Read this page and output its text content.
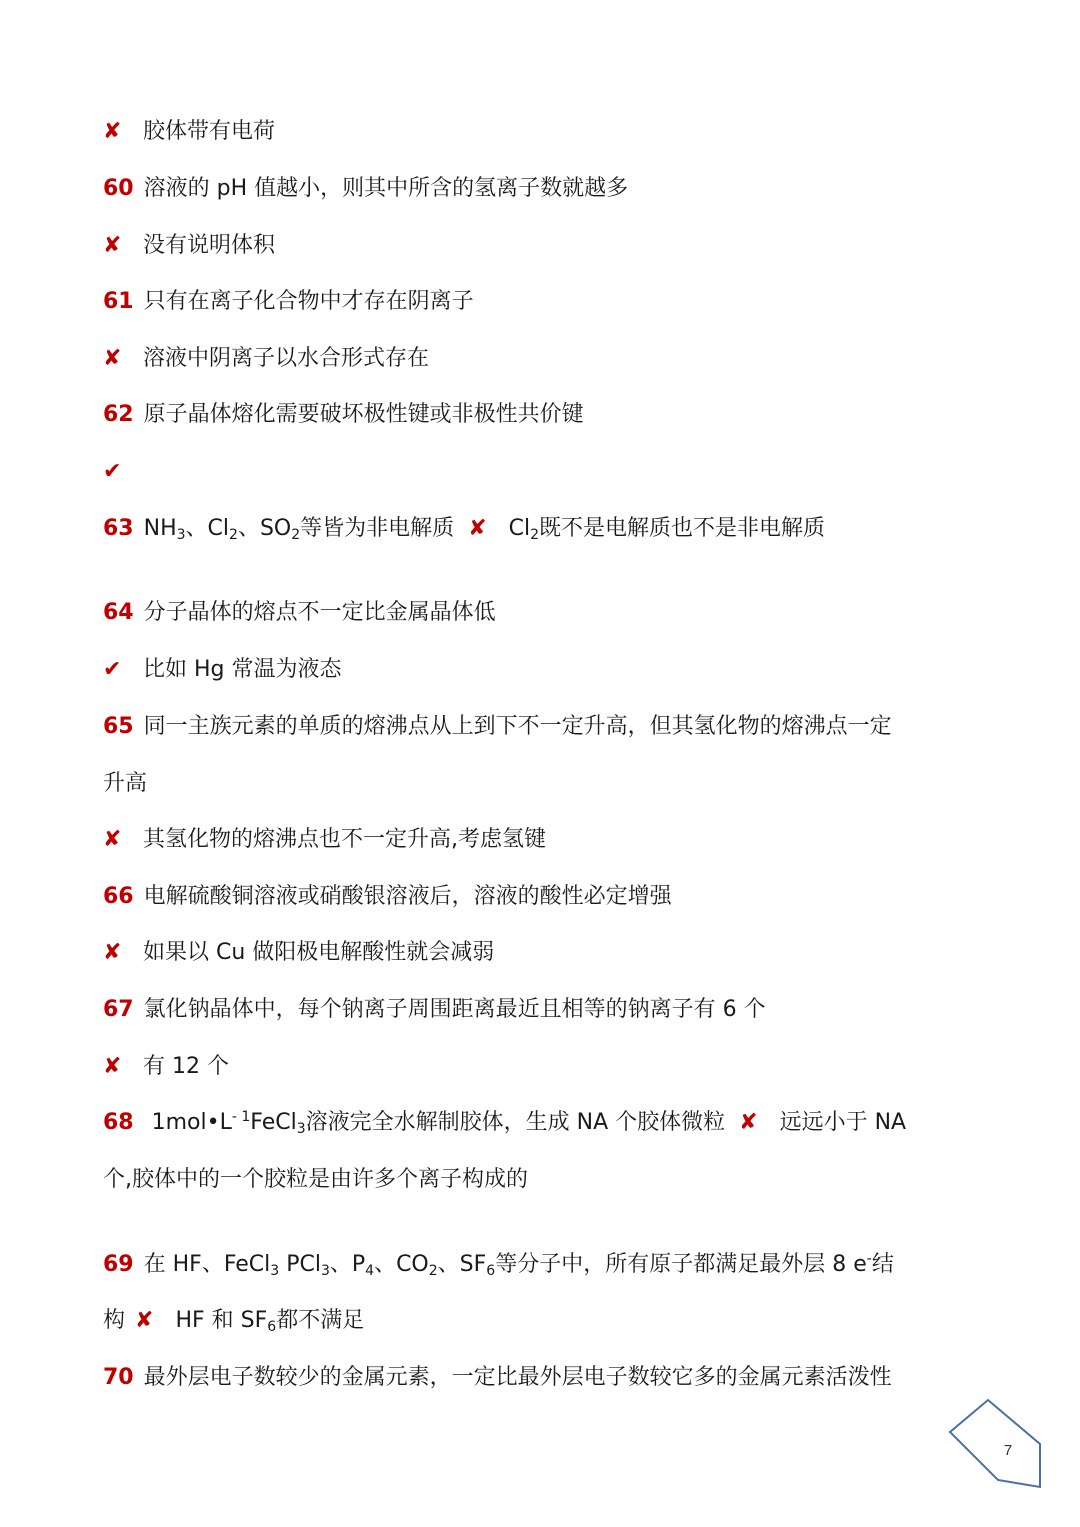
✘ 胶体带有电荷
60 溶液的 pH 值越小，则其中所含的氢离子数就越多
✘ 没有说明体积
61 只有在离子化合物中才存在阴离子
✘ 溶液中阴离子以水合形式存在
62 原子晶体熔化需要破坏极性键或非极性共价键
✔
63 $NH_3$、$Cl_2$、$SO_2$等皆为非电解质 ✘ $Cl_2$既不是电解质也不是非电解质
64 分子晶体的熔点不一定比金属晶体低
✔ 比如 Hg 常温为液态
65 同一主族元素的单质的熔沸点从上到下不一定升高，但其氢化物的熔沸点一定
升高
✘ 其氢化物的熔沸点也不一定升高,考虑氢键
66 电解硫酸铜溶液或硝酸银溶液后，溶液的酸性必定增强
✘ 如果以 Cu 做阳极电解酸性就会减弱
67 氯化钠晶体中，每个钠离子周围距离最近且相等的钠离子有 6 个
✘ 有 12 个
68 $1mol•L^{- 1}FeCl_3$溶液完全水解制胶体，生成 NA 个胶体微粒 ✘ 远远小于 NA
个,胶体中的一个胶粒是由许多个离子构成的
69 在 HF、FeCl$_3$ PCl$_3$、$P_4$、$CO_2$、$SF_6$等分子中，所有原子都满足最外层 8 e-结
构 ✘ HF 和 $SF_6$都不满足
70 最外层电子数较少的金属元素，一定比最外层电子数较它多的金属元素活泼性
7
